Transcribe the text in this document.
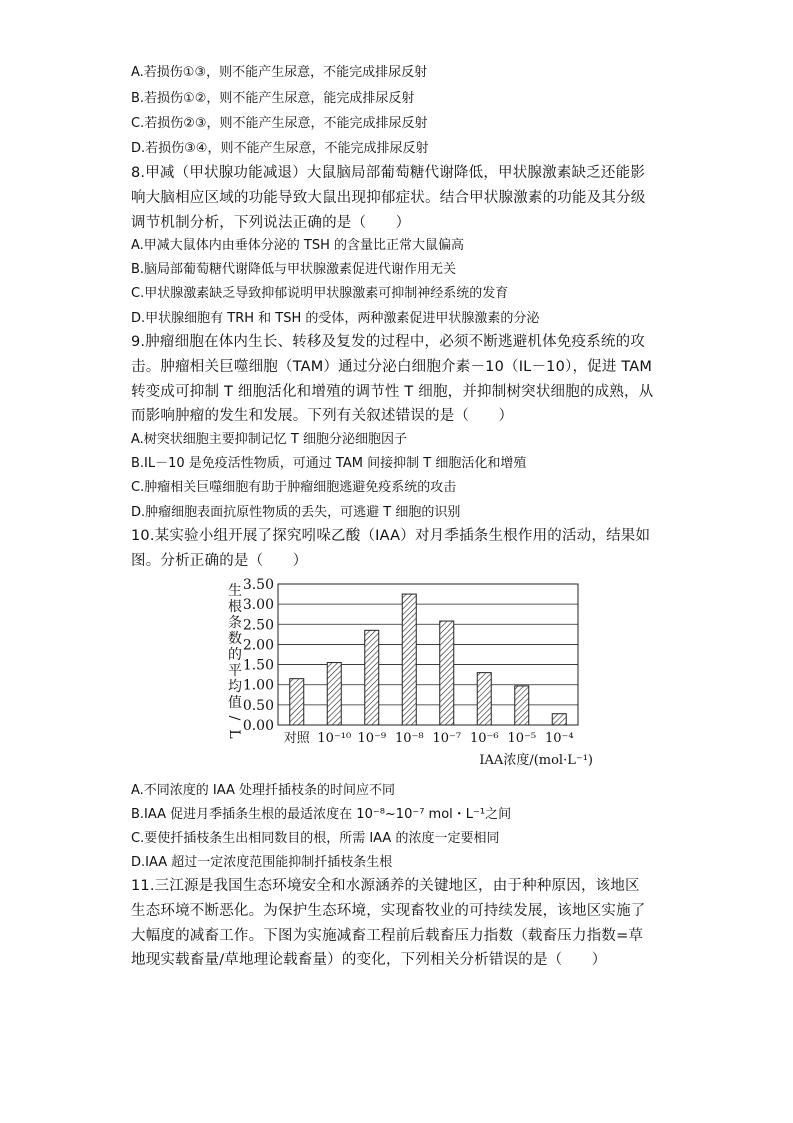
A.若损伤①③，则不能产生尿意，不能完成排尿反射
B.若损伤①②，则不能产生尿意，能完成排尿反射
C.若损伤②③，则不能产生尿意，不能完成排尿反射
D.若损伤③④，则不能产生尿意，不能完成排尿反射
8.甲减（甲状腺功能减退）大鼠脑局部葡萄糖代谢降低，甲状腺激素缺乏还能影
响大脑相应区域的功能导致大鼠出现抑郁症状。结合甲状腺激素的功能及其分级
调节机制分析，下列说法正确的是（　　）
A.甲减大鼠体内由垂体分泌的 TSH 的含量比正常大鼠偏高
B.脑局部葡萄糖代谢降低与甲状腺激素促进代谢作用无关
C.甲状腺激素缺乏导致抑郁说明甲状腺激素可抑制神经系统的发育
D.甲状腺细胞有 TRH 和 TSH 的受体，两种激素促进甲状腺激素的分泌
9.肿瘤细胞在体内生长、转移及复发的过程中，必须不断逃避机体免疫系统的攻
击。肿瘤相关巨噬细胞（TAM）通过分泌白细胞介素－10（IL－10），促进 TAM
转变成可抑制 T 细胞活化和增殖的调节性 T 细胞，并抑制树突状细胞的成熟，从
而影响肿瘤的发生和发展。下列有关叙述错误的是（　　）
A.树突状细胞主要抑制记忆 T 细胞分泌细胞因子
B.IL－10 是免疫活性物质，可通过 TAM 间接抑制 T 细胞活化和增殖
C.肿瘤相关巨噬细胞有助于肿瘤细胞逃避免疫系统的攻击
D.肿瘤细胞表面抗原性物质的丢失，可逃避 T 细胞的识别
10.某实验小组开展了探究吲哚乙酸（IAA）对月季插条生根作用的活动，结果如
图。分析正确的是（　　）
0.00
0.50
1.00
1.50
2.00
2.50
3.00
3.50
对照 10⁻¹⁰ 10⁻⁹ 10⁻⁸ 10⁻⁷ 10⁻⁶ 10⁻⁵ 10⁻⁴
生
根
条
数
的
平
均
值
/
L
IAA浓度/(mol·L⁻¹)
A.不同浓度的 IAA 处理扦插枝条的时间应不同
B.IAA 促进月季插条生根的最适浓度在 10⁻⁸~10⁻⁷ mol・L⁻¹之间
C.要使扦插枝条生出相同数目的根，所需 IAA 的浓度一定要相同
D.IAA 超过一定浓度范围能抑制扦插枝条生根
11.三江源是我国生态环境安全和水源涵养的关键地区，由于种种原因，该地区
生态环境不断恶化。为保护生态环境，实现畜牧业的可持续发展，该地区实施了
大幅度的减畜工作。下图为实施减畜工程前后载畜压力指数（载畜压力指数=草
地现实载畜量/草地理论载畜量）的变化，下列相关分析错误的是（　　）
